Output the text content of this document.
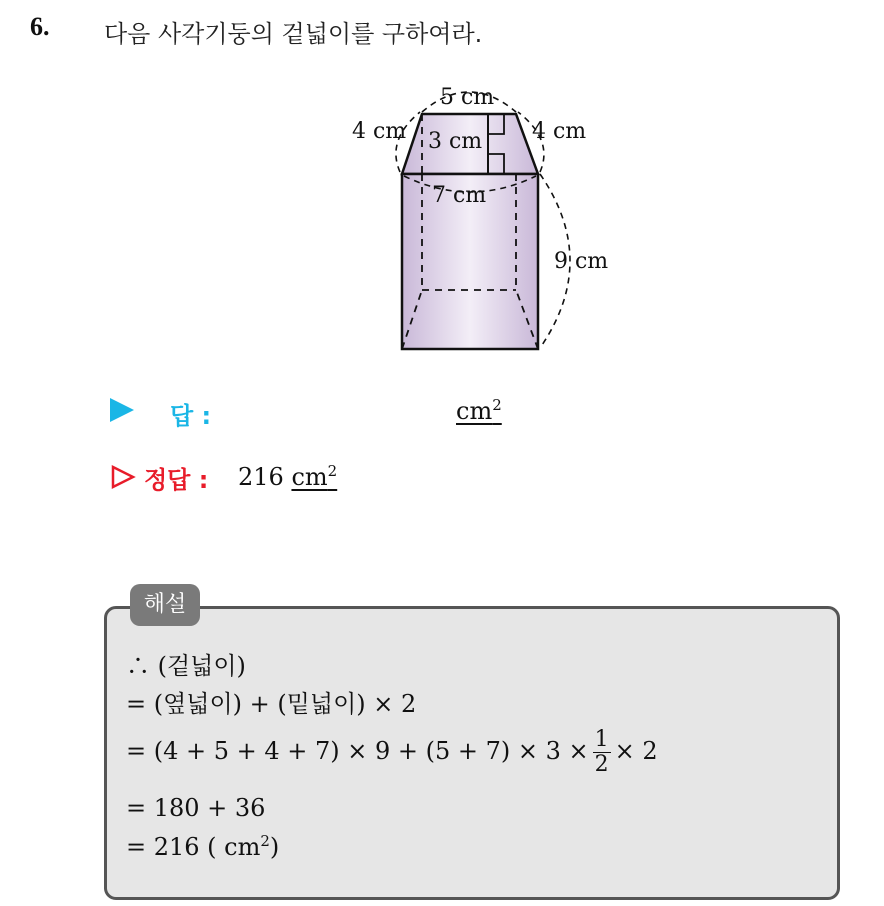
6. 다음 사각기둥의 겉넓이를 구하여라.
5 cm
4 cm	4 cm
3 cm
7 cm
9 cm
답 :	$cm^2$
정답 : 216 $cm^2$
해설
∴ (겉넓이)
= (옆넓이) + (밑넓이) × 2
= $(4 + 5 + 4 + 7) \times 9 + (5 + 7) \times 3 \times \frac{1}{2} \times 2$
= 180 + 36
= 216 ( $cm^2$)
